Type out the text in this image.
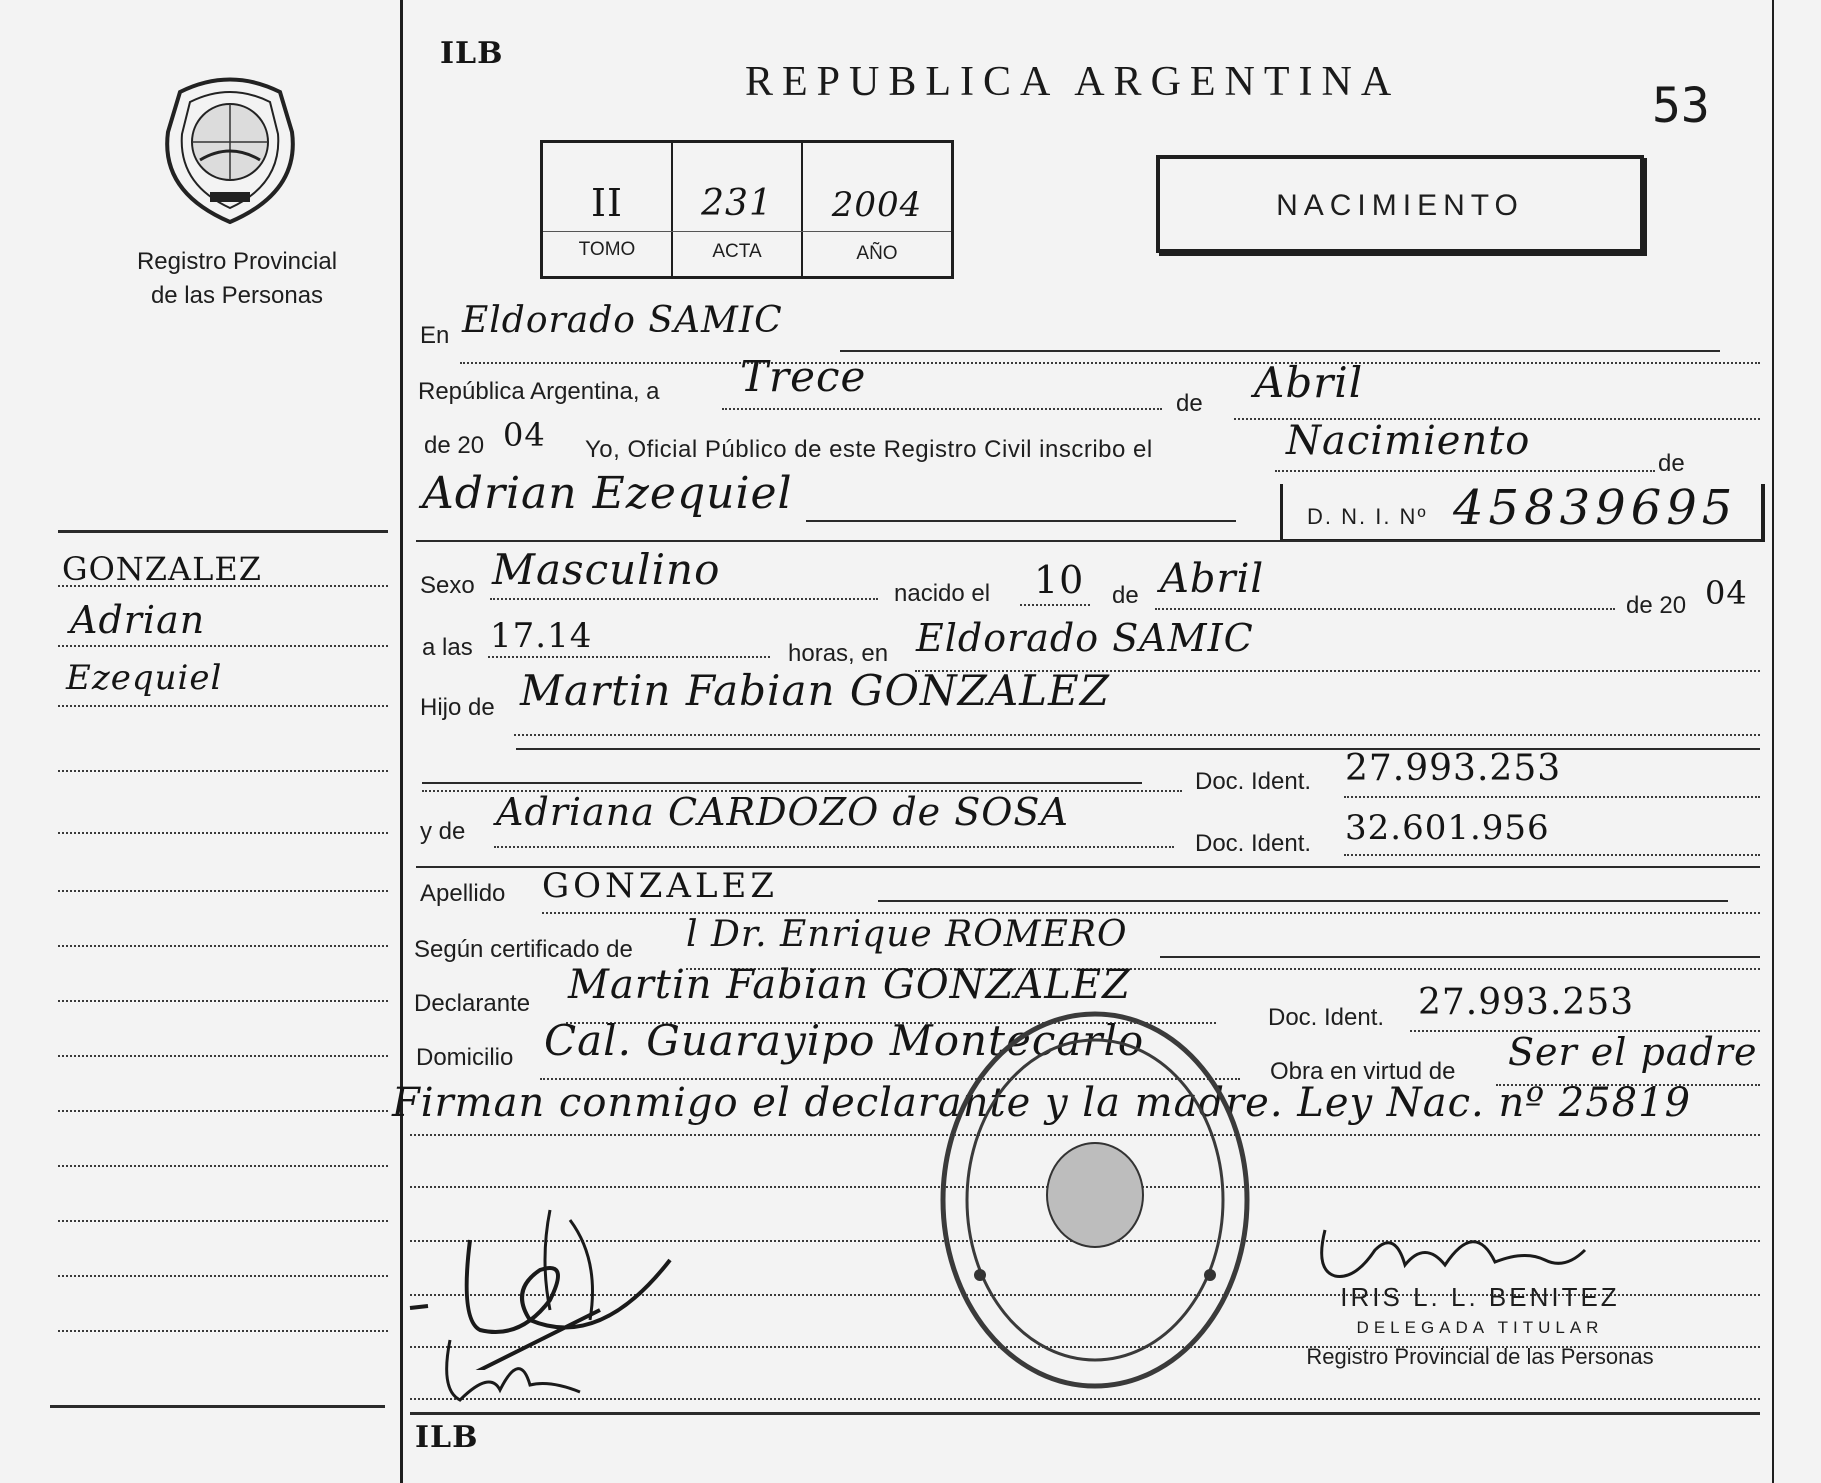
Registro Provincial
de las Personas
GONZALEZ
Adrian
Ezequiel
ILB
REPUBLICA ARGENTINA	53
II	231	2004
TOMO	ACTA	AÑO
NACIMIENTO
En Eldorado SAMIC
República Argentina, a Trece
de Abril
de 20 04 Yo, Oficial Público de este Registro Civil inscribo el	Nacimiento	de
Adrian Ezequiel	D. N. I. Nº 45839695
Sexo Masculino	nacido el 10 de Abril
de 20 04
a las 17.14	horas, en Eldorado SAMIC
Hijo de Martin Fabian GONZALEZ
Doc. Ident. 27.993.253
y de Adriana CARDOZO de SOSA
Doc. Ident. 32.601.956
Apellido GONZALEZ
Según certificado de l Dr. Enrique ROMERO
Declarante Martin Fabian GONZALEZ
Doc. Ident. 27.993.253
Domicilio Cal. Guarayipo Montecarlo
Obra en virtud de Ser el padre
Firman conmigo el declarante y la madre. Ley Nac. nº 25819
ILB
IRIS L. L. BENITEZ
DELEGADA TITULAR
Registro Provincial de las Personas
